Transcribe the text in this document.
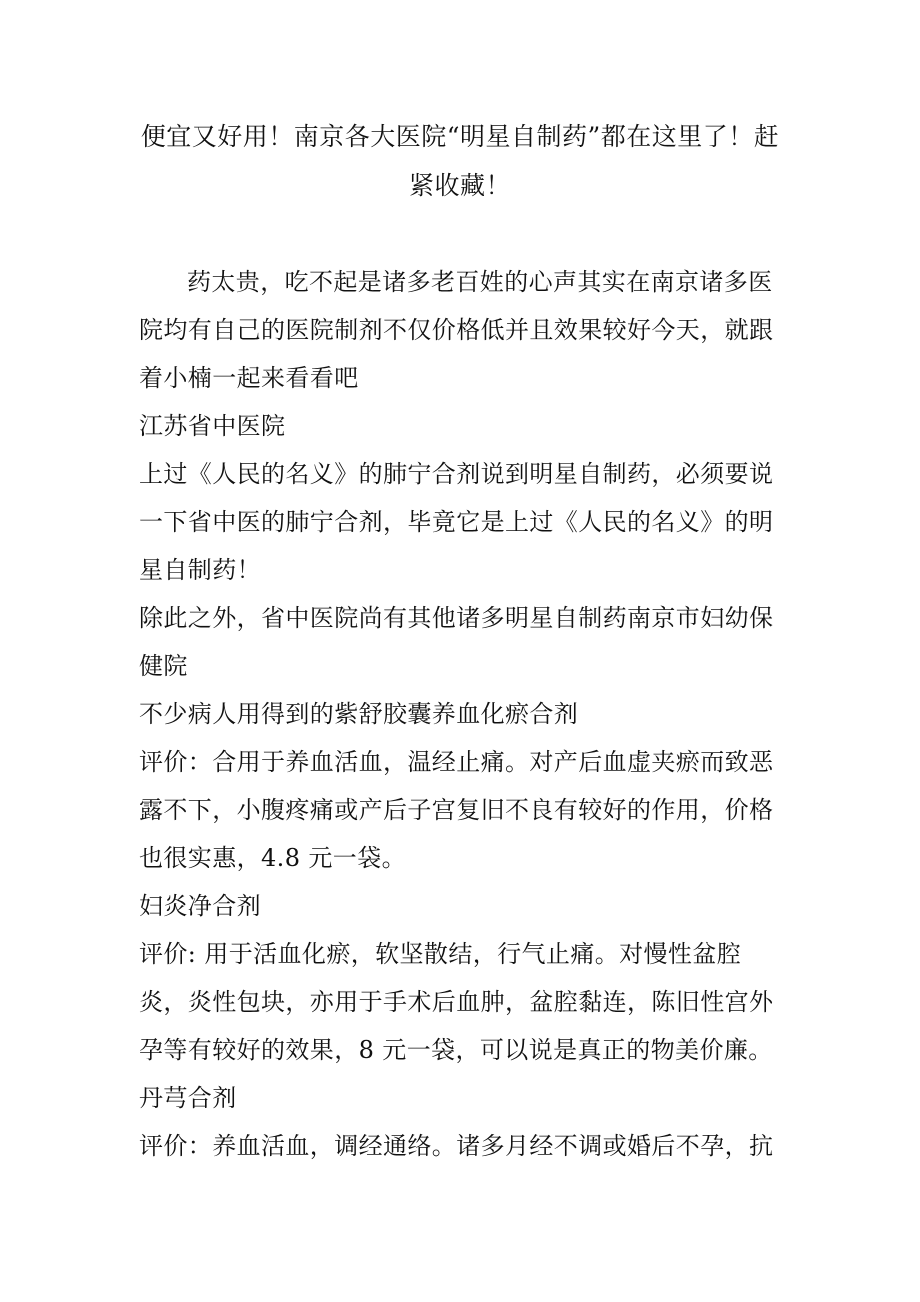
便宜又好用！南京各大医院“明星自制药”都在这里了！赶紧收藏！

药太贵，吃不起是诸多老百姓的心声其实在南京诸多医院均有自己的医院制剂不仅价格低并且效果较好今天，就跟着小楠一起来看看吧

江苏省中医院

上过《人民的名义》的肺宁合剂说到明星自制药，必须要说一下省中医的肺宁合剂，毕竟它是上过《人民的名义》的明星自制药！

除此之外，省中医院尚有其他诸多明星自制药南京市妇幼保健院

不少病人用得到的紫舒胶囊养血化瘀合剂

评价：合用于养血活血，温经止痛。对产后血虚夹瘀而致恶露不下，小腹疼痛或产后子宫复旧不良有较好的作用，价格也很实惠，4.8 元一袋。

妇炎净合剂

评价: 用于活血化瘀，软坚散结，行气止痛。对慢性盆腔炎，炎性包块，亦用于手术后血肿，盆腔黏连，陈旧性宫外孕等有较好的效果，8 元一袋，可以说是真正的物美价廉。

丹芎合剂

评价：养血活血，调经通络。诸多月经不调或婚后不孕，抗
